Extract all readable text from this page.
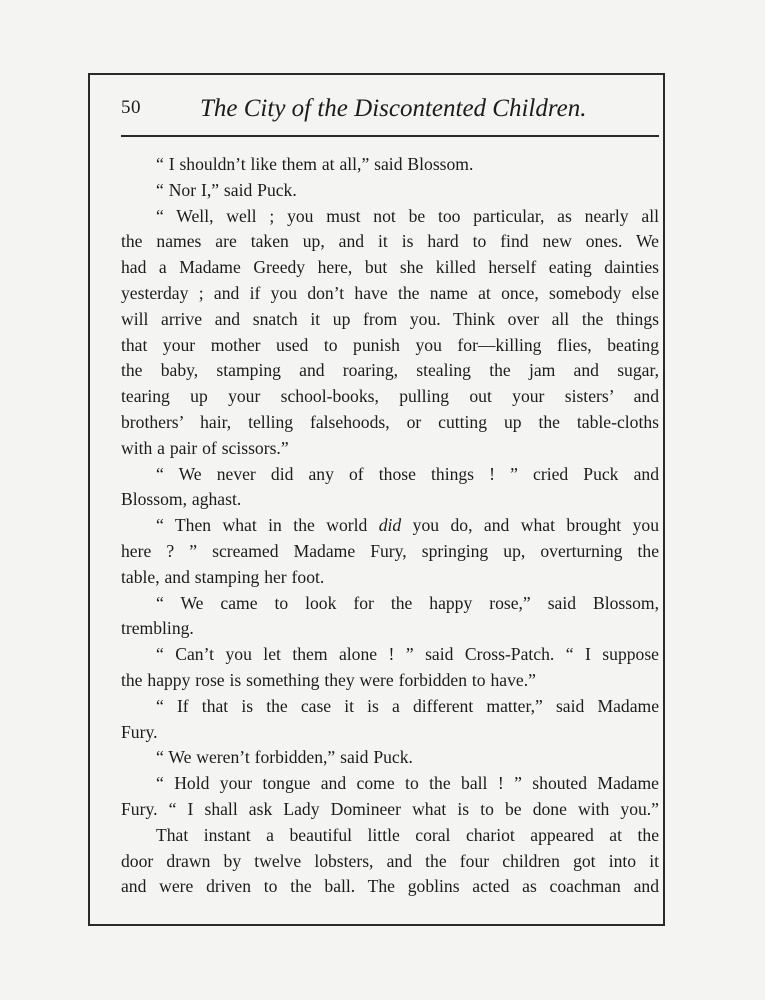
50 The City of the Discontented Children.
“ I shouldn’t like them at all,” said Blossom.
“ Nor I,” said Puck.
“ Well, well ; you must not be too particular, as nearly all
the names are taken up, and it is hard to find new ones. We
had a Madame Greedy here, but she killed herself eating dainties
yesterday ; and if you don’t have the name at once, somebody else
will arrive and snatch it up from you. Think over all the things
that your mother used to punish you for—killing flies, beating
the baby, stamping and roaring, stealing the jam and sugar,
tearing up your school-books, pulling out your sisters’ and
brothers’ hair, telling falsehoods, or cutting up the table-cloths
with a pair of scissors.”
“ We never did any of those things ! ” cried Puck and
Blossom, aghast.
“ Then what in the world did you do, and what brought you
here ? ” screamed Madame Fury, springing up, overturning the
table, and stamping her foot.
“ We came to look for the happy rose,” said Blossom,
trembling.
“ Can’t you let them alone ! ” said Cross-Patch. “ I suppose
the happy rose is something they were forbidden to have.”
“ If that is the case it is a different matter,” said Madame
Fury.
“ We weren’t forbidden,” said Puck.
“ Hold your tongue and come to the ball ! ” shouted Madame
Fury. “ I shall ask Lady Domineer what is to be done with you.”
That instant a beautiful little coral chariot appeared at the
door drawn by twelve lobsters, and the four children got into it
and were driven to the ball. The goblins acted as coachman and
